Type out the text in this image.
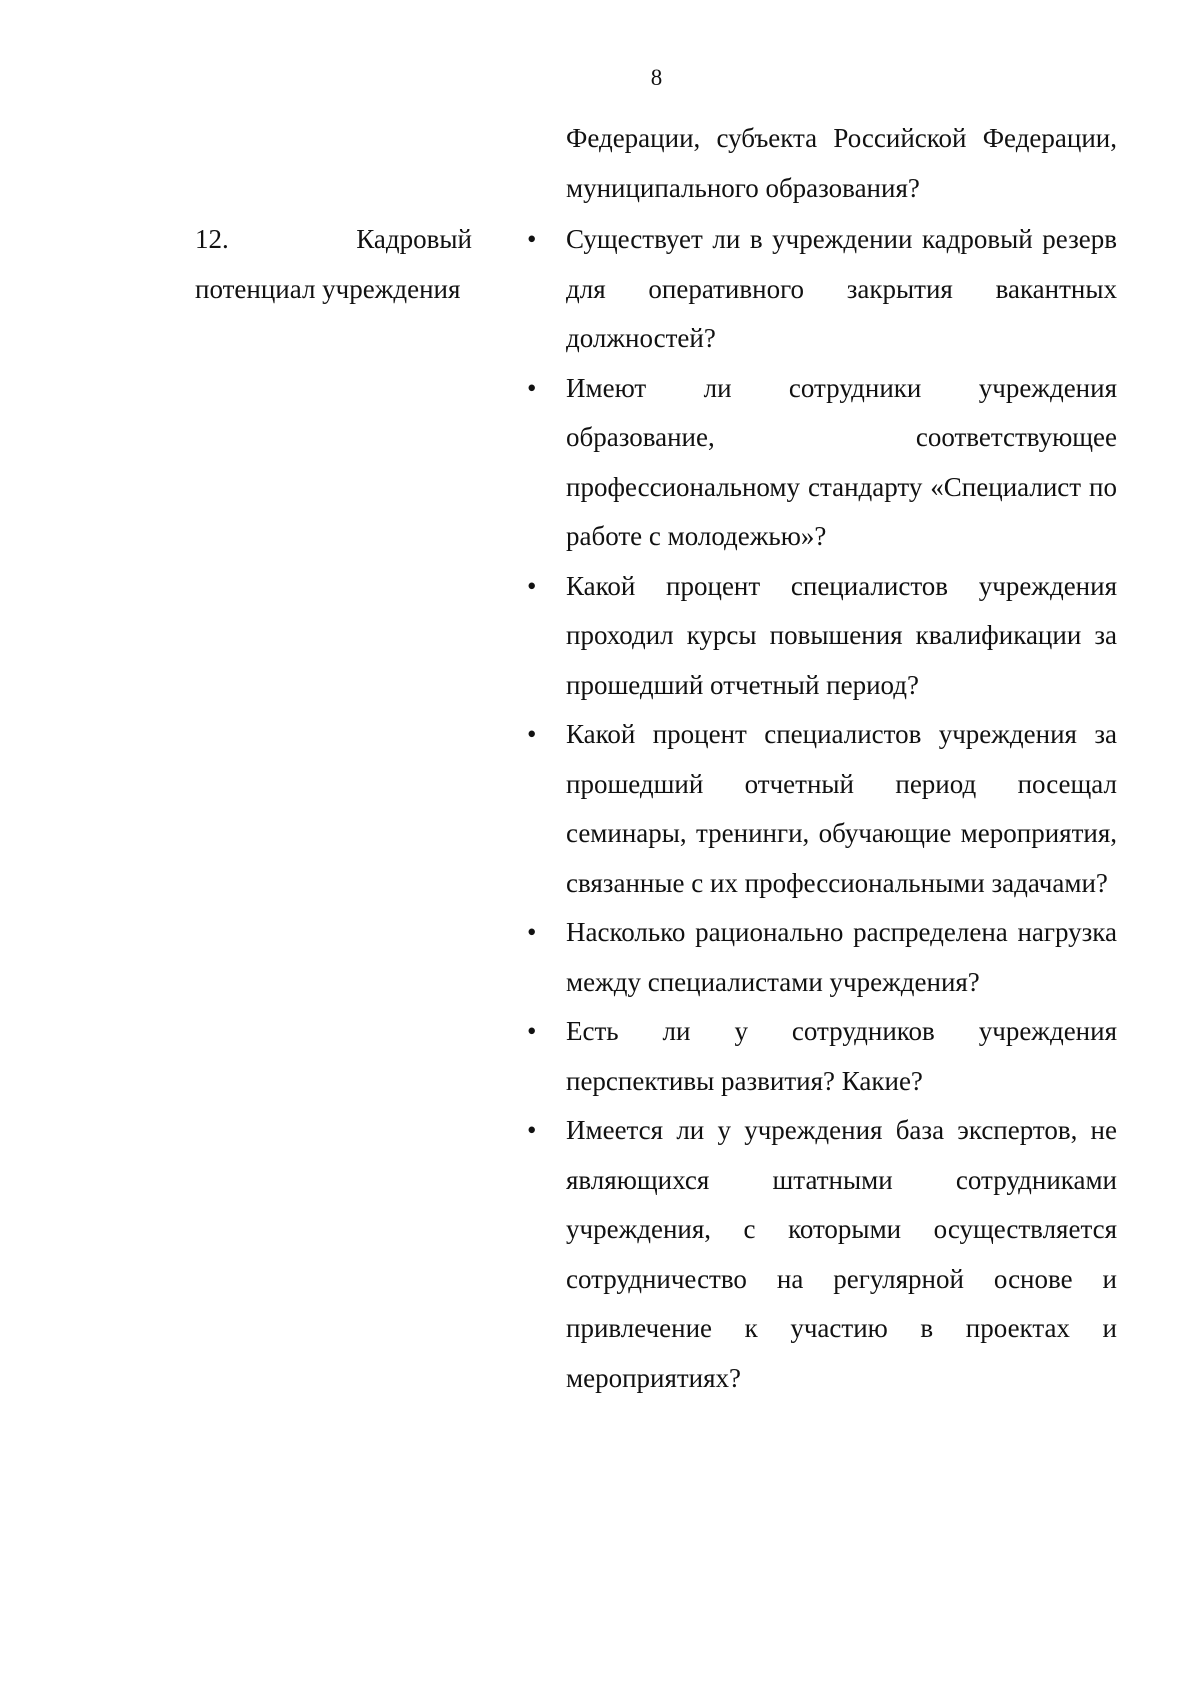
8
Федерации, субъекта Российской Федерации, муниципального образования?
12.	Кадровый
потенциал учреждения
• Существует ли в учреждении кадровый резерв для оперативного закрытия вакантных должностей?
• Имеют ли сотрудники учреждения образование, соответствующее профессиональному стандарту «Специалист по работе с молодежью»?
• Какой процент специалистов учреждения проходил курсы повышения квалификации за прошедший отчетный период?
• Какой процент специалистов учреждения за прошедший отчетный период посещал семинары, тренинги, обучающие мероприятия, связанные с их профессиональными задачами?
• Насколько рационально распределена нагрузка между специалистами учреждения?
• Есть ли у сотрудников учреждения перспективы развития? Какие?
• Имеется ли у учреждения база экспертов, не являющихся штатными сотрудниками учреждения, с которыми осуществляется сотрудничество на регулярной основе и привлечение к участию в проектах и мероприятиях?
